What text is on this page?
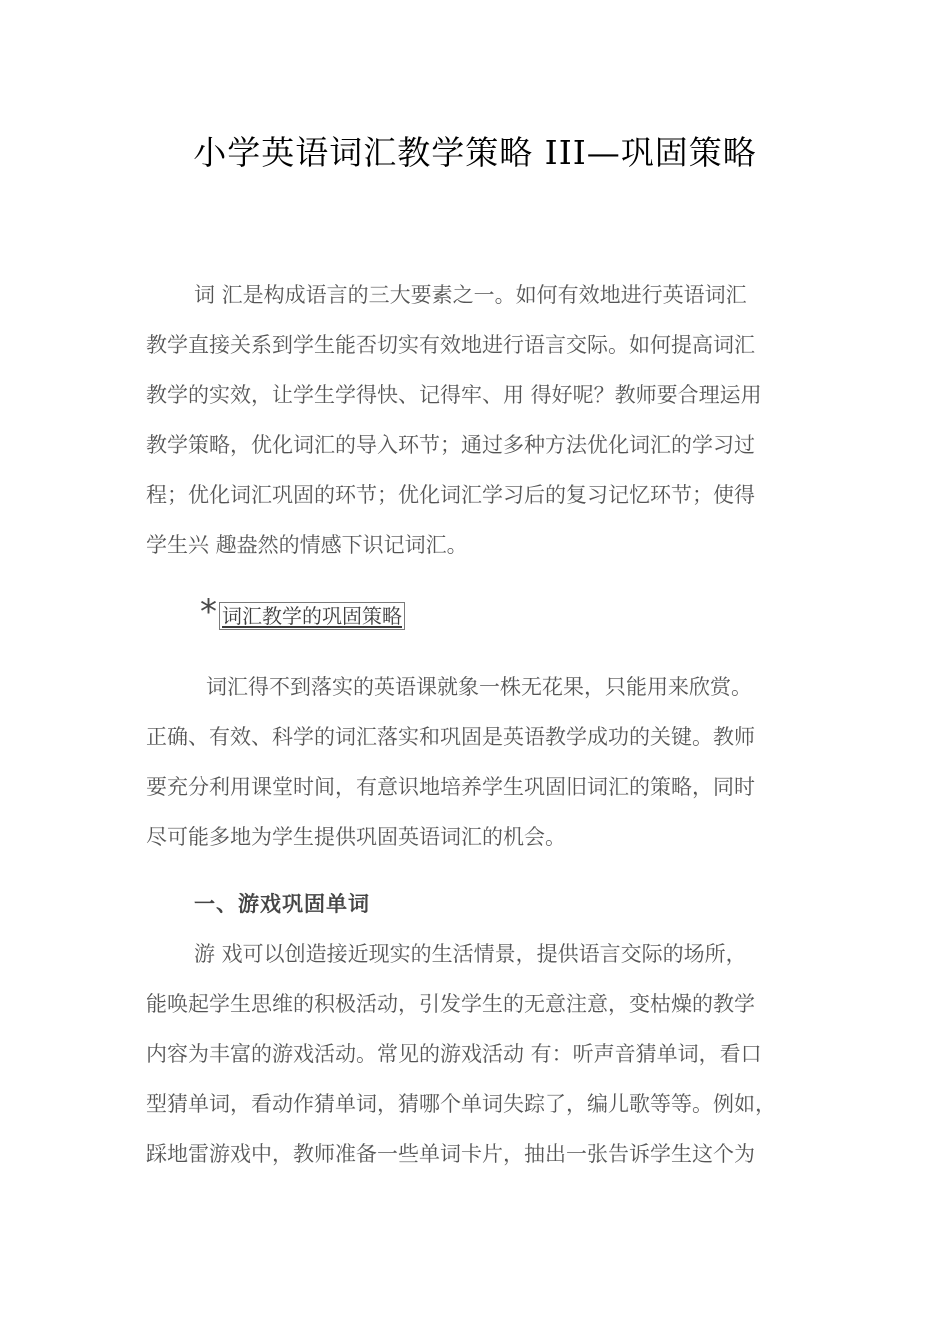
小学英语词汇教学策略 III—巩固策略
词 汇是构成语言的三大要素之一。如何有效地进行英语词汇
教学直接关系到学生能否切实有效地进行语言交际。如何提高词汇
教学的实效，让学生学得快、记得牢、用 得好呢？教师要合理运用
教学策略，优化词汇的导入环节；通过多种方法优化词汇的学习过
程；优化词汇巩固的环节；优化词汇学习后的复习记忆环节；使得
学生兴 趣盎然的情感下识记词汇。
* 词汇教学的巩固策略
词汇得不到落实的英语课就象一株无花果，只能用来欣赏。
正确、有效、科学的词汇落实和巩固是英语教学成功的关键。教师
要充分利用课堂时间，有意识地培养学生巩固旧词汇的策略，同时
尽可能多地为学生提供巩固英语词汇的机会。
一、游戏巩固单词
游 戏可以创造接近现实的生活情景，提供语言交际的场所，
能唤起学生思维的积极活动，引发学生的无意注意，变枯燥的教学
内容为丰富的游戏活动。常见的游戏活动 有：听声音猜单词，看口
型猜单词，看动作猜单词，猜哪个单词失踪了，编儿歌等等。例如，
踩地雷游戏中，教师准备一些单词卡片，抽出一张告诉学生这个为
